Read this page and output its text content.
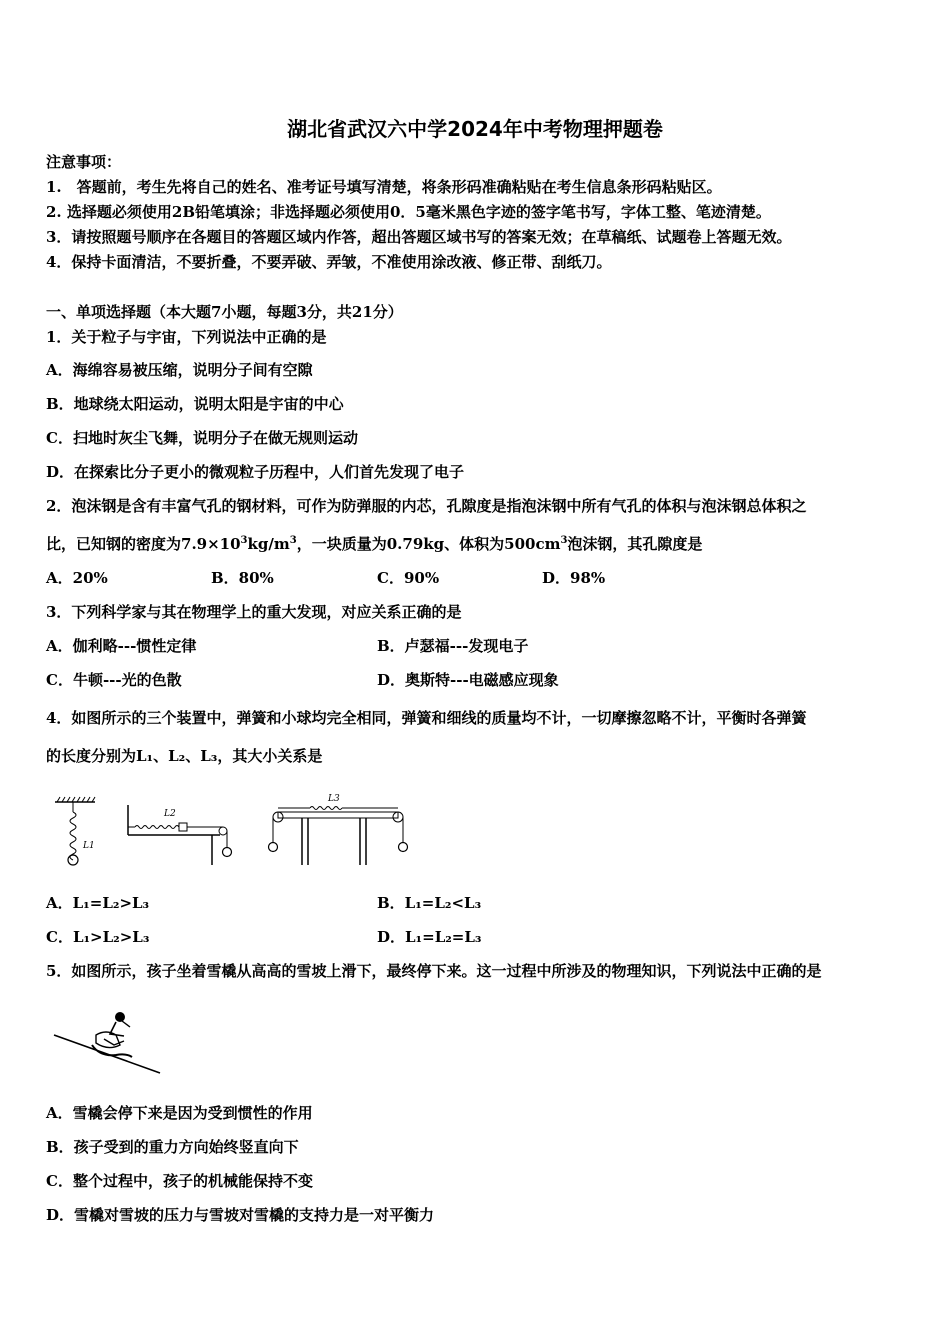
湖北省武汉六中学2024年中考物理押题卷
注意事项：
1.　答题前，考生先将自己的姓名、准考证号填写清楚，将条形码准确粘贴在考生信息条形码粘贴区。
2. 选择题必须使用2B铅笔填涂；非选择题必须使用0．5毫米黑色字迹的签字笔书写，字体工整、笔迹清楚。
3．请按照题号顺序在各题目的答题区域内作答，超出答题区域书写的答案无效；在草稿纸、试题卷上答题无效。
4．保持卡面清洁，不要折叠，不要弄破、弄皱，不准使用涂改液、修正带、刮纸刀。
一、单项选择题（本大题7小题，每题3分，共21分）
1．关于粒子与宇宙，下列说法中正确的是
A．海绵容易被压缩，说明分子间有空隙
B．地球绕太阳运动，说明太阳是宇宙的中心
C．扫地时灰尘飞舞，说明分子在做无规则运动
D．在探索比分子更小的微观粒子历程中，人们首先发现了电子
2．泡沫钢是含有丰富气孔的钢材料，可作为防弹服的内芯，孔隙度是指泡沫钢中所有气孔的体积与泡沫钢总体积之
比，已知钢的密度为$7.9\times 10^3kg/m^3$，一块质量为0.79kg、体积为$500cm^3$泡沫钢，其孔隙度是
A．20%	B．80%	C．90%	D．98%
3．下列科学家与其在物理学上的重大发现，对应关系正确的是
A．伽利略---惯性定律	B．卢瑟福---发现电子
C．牛顿---光的色散	D．奥斯特---电磁感应现象
4．如图所示的三个装置中，弹簧和小球均完全相同，弹簧和细线的质量均不计，一切摩擦忽略不计，平衡时各弹簧
的长度分别为L₁、L₂、L₃，其大小关系是
L1
L2
L3
A．L₁=L₂>L₃	B．L₁=L₂<L₃
C．L₁>L₂>L₃	D．L₁=L₂=L₃
5．如图所示，孩子坐着雪橇从高高的雪坡上滑下，最终停下来。这一过程中所涉及的物理知识，下列说法中正确的是
A．雪橇会停下来是因为受到惯性的作用
B．孩子受到的重力方向始终竖直向下
C．整个过程中，孩子的机械能保持不变
D．雪橇对雪坡的压力与雪坡对雪橇的支持力是一对平衡力
